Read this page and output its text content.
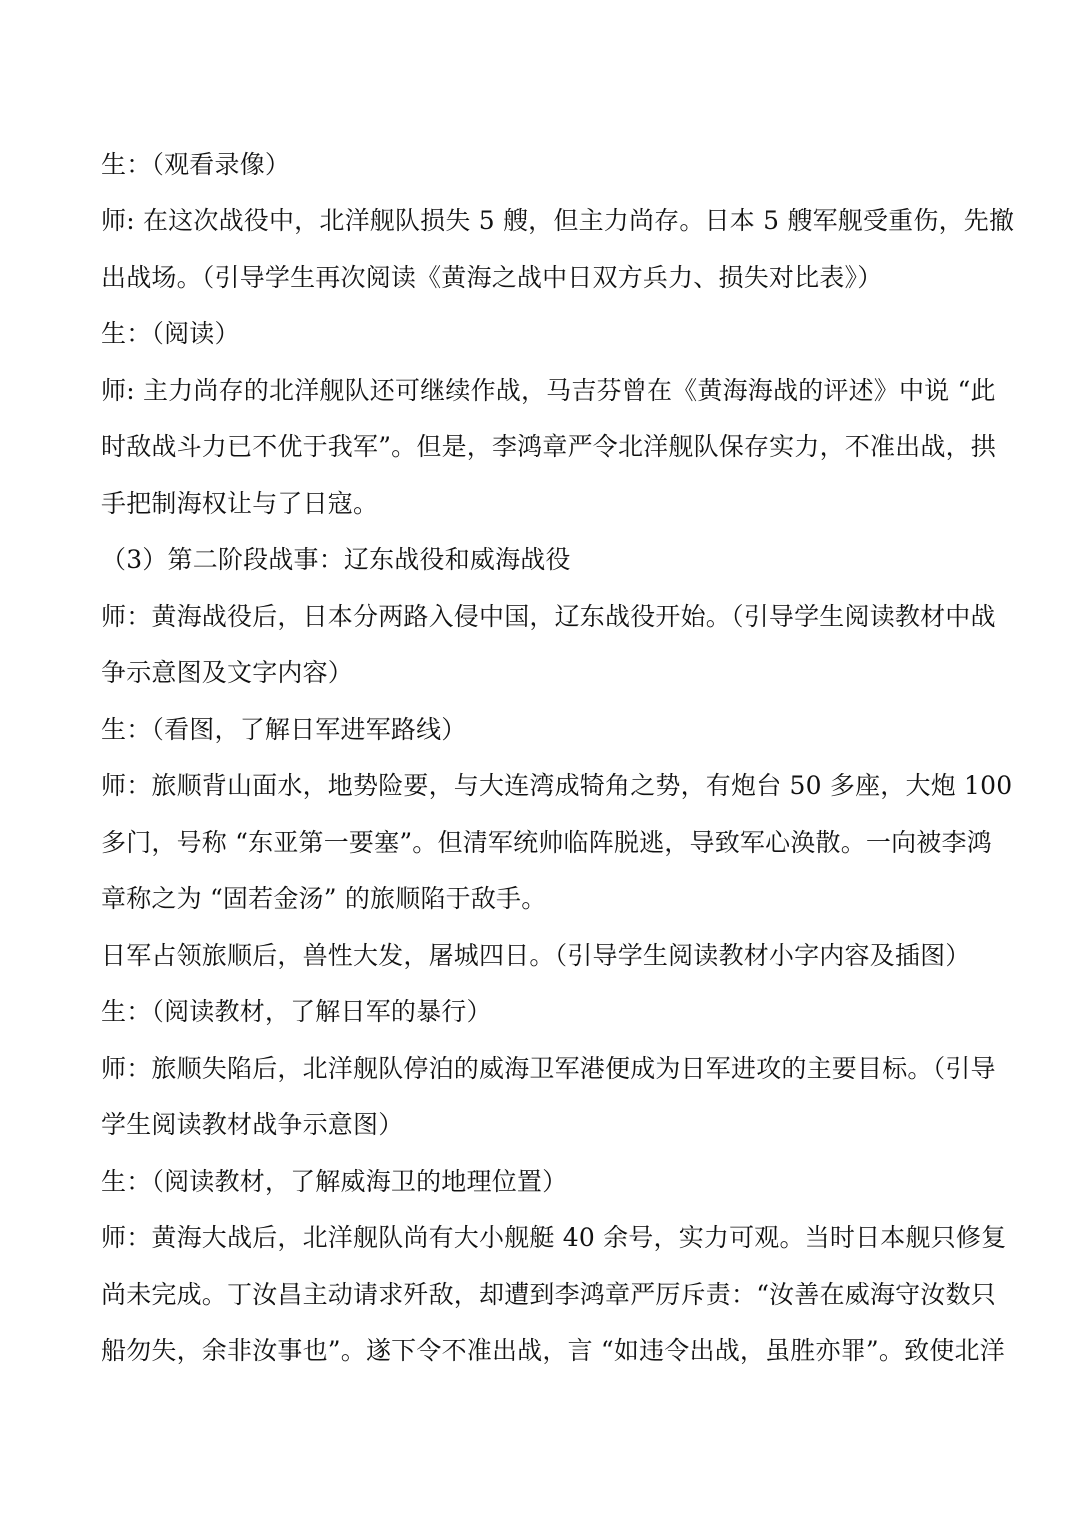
生：（观看录像）
师: 在这次战役中，北洋舰队损失 5 艘，但主力尚存。日本 5 艘军舰受重伤，先撤
出战场。（引导学生再次阅读《黄海之战中日双方兵力、损失对比表》）
生：（阅读）
师: 主力尚存的北洋舰队还可继续作战，马吉芬曾在《黄海海战的评述》中说 “此
时敌战斗力已不优于我军”。但是，李鸿章严令北洋舰队保存实力，不准出战，拱
手把制海权让与了日寇。
（3）第二阶段战事：辽东战役和威海战役
师：黄海战役后，日本分两路入侵中国，辽东战役开始。（引导学生阅读教材中战
争示意图及文字内容）
生：（看图，了解日军进军路线）
师：旅顺背山面水，地势险要，与大连湾成犄角之势，有炮台 50 多座，大炮 100
多门，号称 “东亚第一要塞”。但清军统帅临阵脱逃，导致军心涣散。一向被李鸿
章称之为 “固若金汤” 的旅顺陷于敌手。
日军占领旅顺后，兽性大发，屠城四日。（引导学生阅读教材小字内容及插图）
生：（阅读教材，了解日军的暴行）
师：旅顺失陷后，北洋舰队停泊的威海卫军港便成为日军进攻的主要目标。（引导
学生阅读教材战争示意图）
生：（阅读教材，了解威海卫的地理位置）
师：黄海大战后，北洋舰队尚有大小舰艇 40 余号，实力可观。当时日本舰只修复
尚未完成。丁汝昌主动请求歼敌，却遭到李鸿章严厉斥责：“汝善在威海守汝数只
船勿失，余非汝事也”。遂下令不准出战，言 “如违令出战，虽胜亦罪”。致使北洋
